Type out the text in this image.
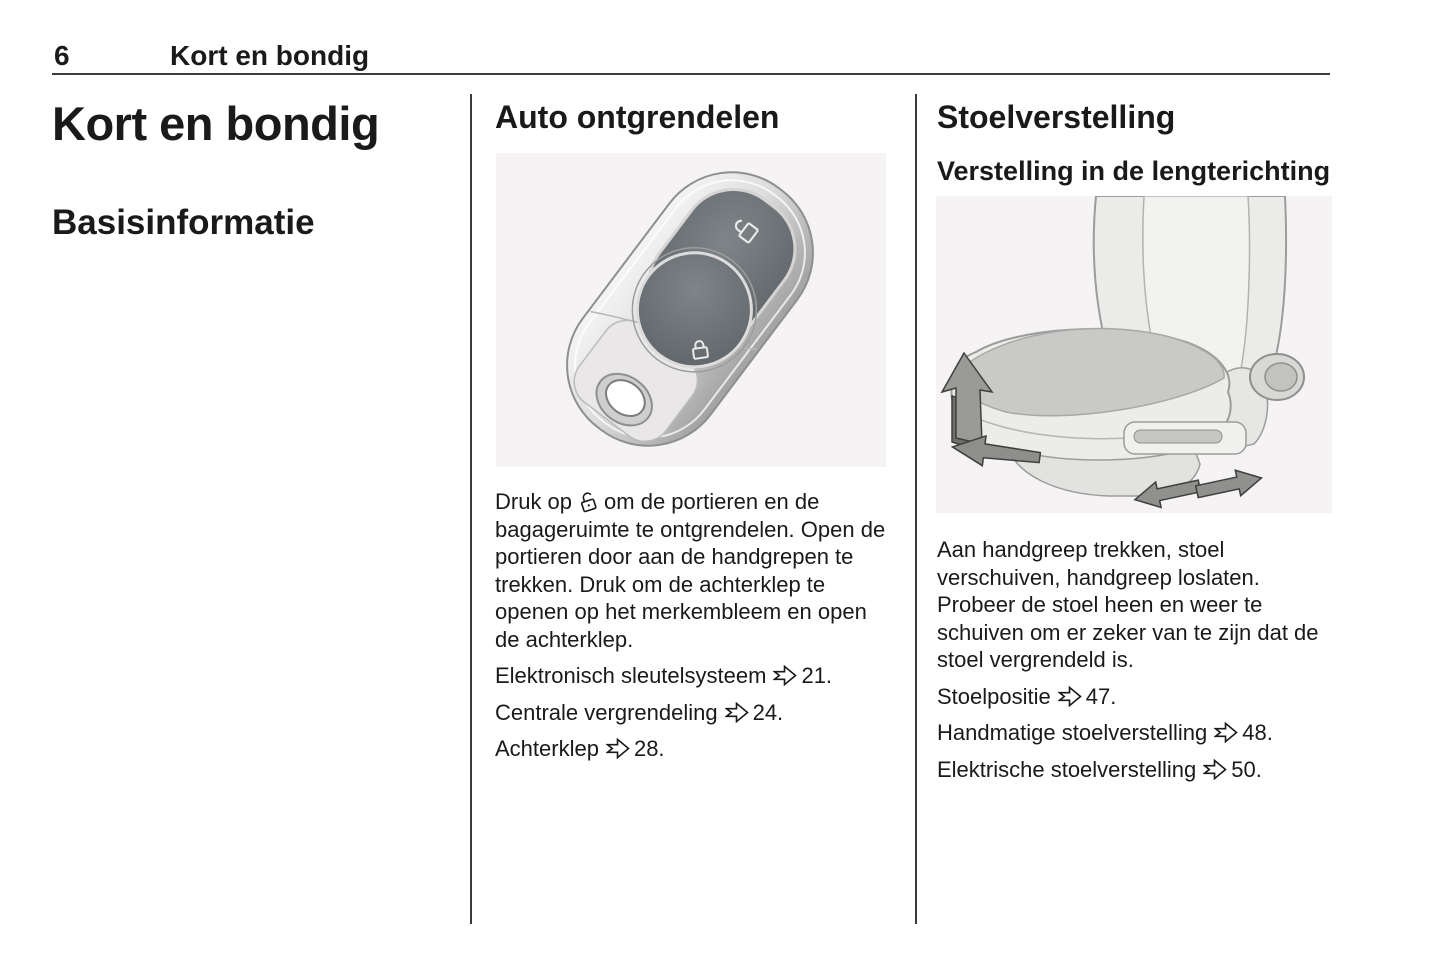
6	Kort en bondig
Kort en bondig
Basisinformatie
Auto ontgrendelen

Druk op om de portieren en de bagageruimte te ontgrendelen. Open de portieren door aan de handgrepen te trekken. Druk om de achterklep te openen op het merkembleem en open de achterklep.

Elektronisch sleutelsysteem 21.
Centrale vergrendeling 24.
Achterklep 28.
Stoelverstelling
Verstelling in de lengterichting

Aan handgreep trekken, stoel verschuiven, handgreep loslaten. Probeer de stoel heen en weer te schuiven om er zeker van te zijn dat de stoel vergrendeld is.

Stoelpositie 47.
Handmatige stoelverstelling 48.
Elektrische stoelverstelling 50.
